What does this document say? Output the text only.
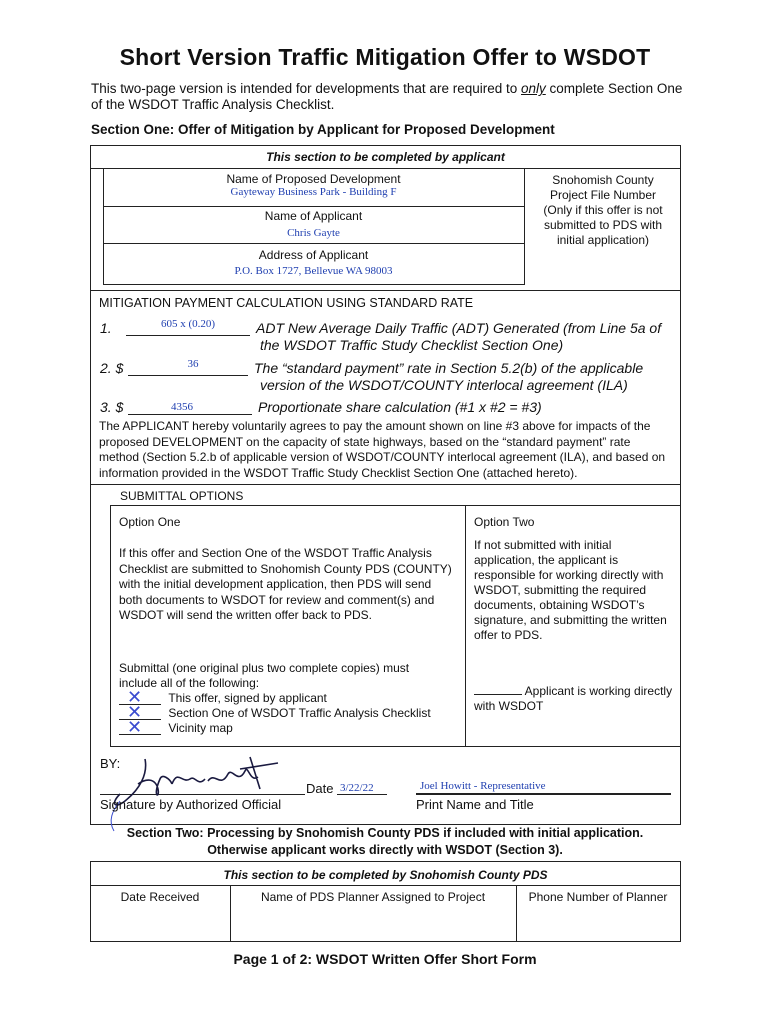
Short Version Traffic Mitigation Offer to WSDOT
This two-page version is intended for developments that are required to only complete Section One of the WSDOT Traffic Analysis Checklist.
Section One: Offer of Mitigation by Applicant for Proposed Development
This section to be completed by applicant
Name of Proposed Development
Gayteway Business Park - Building F
Name of Applicant
Chris Gayte
Address of Applicant
P.O. Box 1727, Bellevue WA 98003
Snohomish County
Project File Number
(Only if this offer is not
submitted to PDS with
initial application)
MITIGATION PAYMENT CALCULATION USING STANDARD RATE
1.	605 x (0.20)	ADT New Average Daily Traffic (ADT) Generated (from Line 5a of
the WSDOT Traffic Study Checklist Section One)
2. $	36	The “standard payment” rate in Section 5.2(b) of the applicable
version of the WSDOT/COUNTY interlocal agreement (ILA)
3. $	4356	Proportionate share calculation (#1 x #2 = #3)
The APPLICANT hereby voluntarily agrees to pay the amount shown on line #3 above for impacts of the proposed DEVELOPMENT on the capacity of state highways, based on the “standard payment” rate method (Section 5.2.b of applicable version of WSDOT/COUNTY interlocal agreement (ILA), and based on information provided in the WSDOT Traffic Study Checklist Section One (attached hereto).
SUBMITTAL OPTIONS
Option One
If this offer and Section One of the WSDOT Traffic Analysis Checklist are submitted to Snohomish County PDS (COUNTY) with the initial development application, then PDS will send both documents to WSDOT for review and comment(s) and WSDOT will send the written offer back to PDS.
Submittal (one original plus two complete copies) must include all of the following:
✕ This offer, signed by applicant
✕ Section One of WSDOT Traffic Analysis Checklist
✕ Vicinity map
Option Two
If not submitted with initial application, the applicant is responsible for working directly with WSDOT, submitting the required documents, obtaining WSDOT’s signature, and submitting the written offer to PDS.
Applicant is working directly with WSDOT
BY:
Date 3/22/22
Signature by Authorized Official
Joel Howitt - Representative
Print Name and Title
Section Two: Processing by Snohomish County PDS if included with initial application.
Otherwise applicant works directly with WSDOT (Section 3).
This section to be completed by Snohomish County PDS
Date Received	Name of PDS Planner Assigned to Project	Phone Number of Planner
Page 1 of 2: WSDOT Written Offer Short Form
